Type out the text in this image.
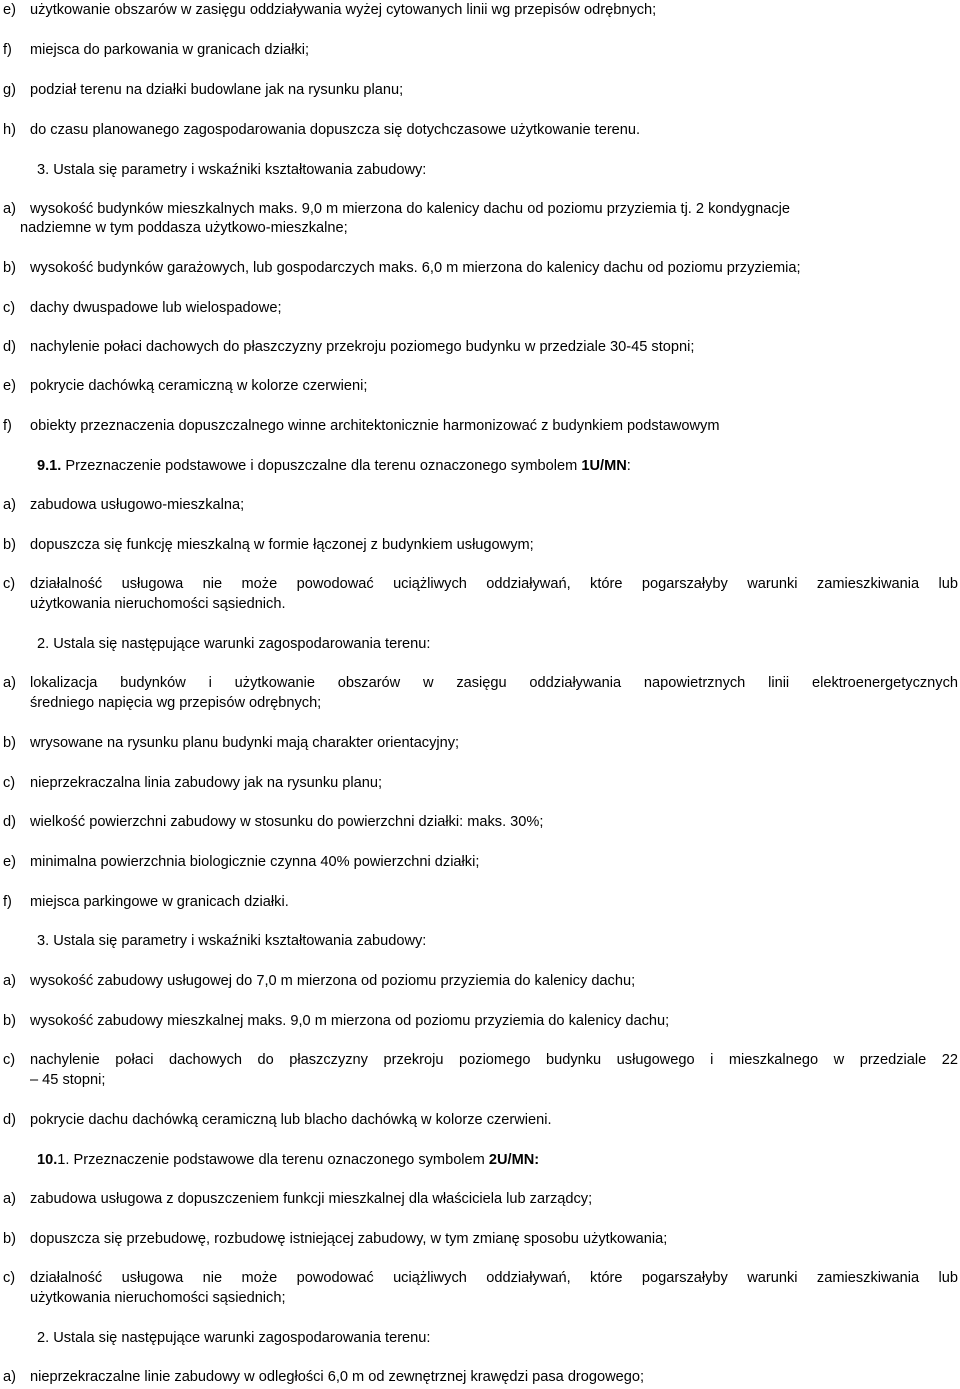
e) użytkowanie obszarów w zasięgu oddziaływania wyżej cytowanych linii wg przepisów odrębnych;
f) miejsca do parkowania w granicach działki;
g) podział terenu na działki budowlane jak na rysunku planu;
h) do czasu planowanego zagospodarowania dopuszcza się dotychczasowe użytkowanie terenu.
3. Ustala się parametry i wskaźniki kształtowania zabudowy:
a) wysokość budynków mieszkalnych maks. 9,0 m mierzona do kalenicy dachu od poziomu przyziemia tj. 2 kondygnacje
nadziemne w tym poddasza użytkowo-mieszkalne;
b) wysokość budynków garażowych, lub gospodarczych maks. 6,0 m mierzona do kalenicy dachu od poziomu przyziemia;
c) dachy dwuspadowe lub wielospadowe;
d) nachylenie połaci dachowych do płaszczyzny przekroju poziomego budynku w przedziale 30-45 stopni;
e) pokrycie dachówką ceramiczną w kolorze czerwieni;
f) obiekty przeznaczenia dopuszczalnego winne architektonicznie harmonizować z budynkiem podstawowym
9.1. Przeznaczenie podstawowe i dopuszczalne dla terenu oznaczonego symbolem 1U/MN:
a) zabudowa usługowo-mieszkalna;
b) dopuszcza się funkcję mieszkalną w formie łączonej z budynkiem usługowym;
c) działalność usługowa nie może powodować uciążliwych oddziaływań, które pogarszałyby warunki zamieszkiwania lub
użytkowania nieruchomości sąsiednich.
2. Ustala się następujące warunki zagospodarowania terenu:
a) lokalizacja budynków i użytkowanie obszarów w zasięgu oddziaływania napowietrznych linii elektroenergetycznych
średniego napięcia wg przepisów odrębnych;
b) wrysowane na rysunku planu budynki mają charakter orientacyjny;
c) nieprzekraczalna linia zabudowy jak na rysunku planu;
d) wielkość powierzchni zabudowy w stosunku do powierzchni działki: maks. 30%;
e) minimalna powierzchnia biologicznie czynna 40% powierzchni działki;
f) miejsca parkingowe w granicach działki.
3. Ustala się parametry i wskaźniki kształtowania zabudowy:
a) wysokość zabudowy usługowej do 7,0 m mierzona od poziomu przyziemia do kalenicy dachu;
b) wysokość zabudowy mieszkalnej maks. 9,0 m mierzona od poziomu przyziemia do kalenicy dachu;
c) nachylenie połaci dachowych do płaszczyzny przekroju poziomego budynku usługowego i mieszkalnego w przedziale 22
– 45 stopni;
d) pokrycie dachu dachówką ceramiczną lub blacho dachówką w kolorze czerwieni.
10.1. Przeznaczenie podstawowe dla terenu oznaczonego symbolem 2U/MN:
a) zabudowa usługowa z dopuszczeniem funkcji mieszkalnej dla właściciela lub zarządcy;
b) dopuszcza się przebudowę, rozbudowę istniejącej zabudowy, w tym zmianę sposobu użytkowania;
c) działalność usługowa nie może powodować uciążliwych oddziaływań, które pogarszałyby warunki zamieszkiwania lub
użytkowania nieruchomości sąsiednich;
2. Ustala się następujące warunki zagospodarowania terenu:
a) nieprzekraczalne linie zabudowy w odległości 6,0 m od zewnętrznej krawędzi pasa drogowego;
